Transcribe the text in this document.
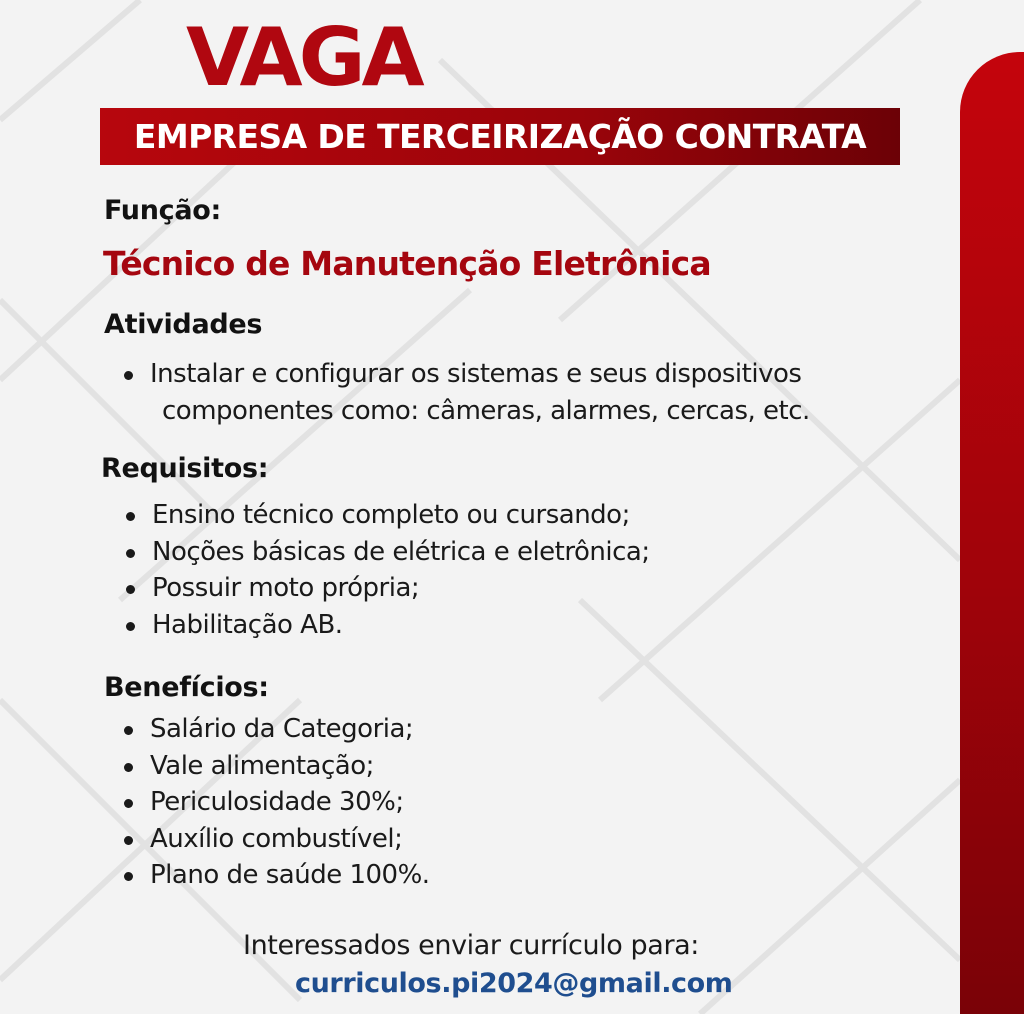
VAGA
EMPRESA DE TERCEIRIZAÇÃO CONTRATA

Função:

Técnico de Manutenção Eletrônica

Atividades

Instalar e configurar os sistemas e seus dispositivos
componentes como: câmeras, alarmes, cercas, etc.

Requisitos:

Ensino técnico completo ou cursando;
Noções básicas de elétrica e eletrônica;
Possuir moto própria;
Habilitação AB.

Benefícios:

Salário da Categoria;
Vale alimentação;
Periculosidade 30%;
Auxílio combustível;
Plano de saúde 100%.

Interessados enviar currículo para:

curriculos.pi2024@gmail.com
